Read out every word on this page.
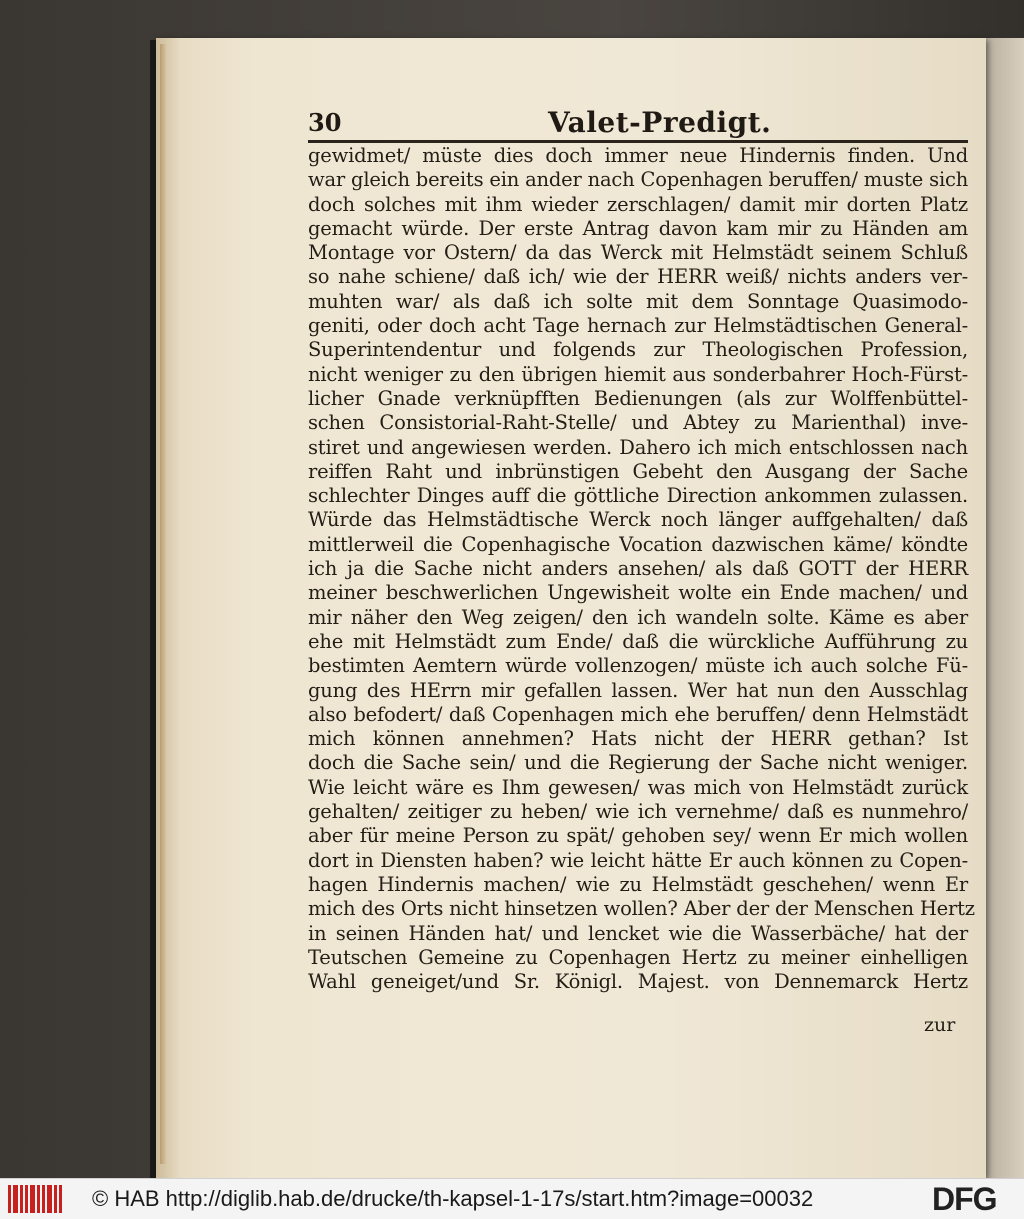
30	Valet-Predigt.
gewidmet/ müste dies doch immer neue Hindernis finden. Und
war gleich bereits ein ander nach Copenhagen beruffen/ muste sich
doch solches mit ihm wieder zerschlagen/ damit mir dorten Platz
gemacht würde. Der erste Antrag davon kam mir zu Händen am
Montage vor Ostern/ da das Werck mit Helmstädt seinem Schluß
so nahe schiene/ daß ich/ wie der HERR weiß/ nichts anders ver-
muhten war/ als daß ich solte mit dem Sonntage Quasimodo-
geniti, oder doch acht Tage hernach zur Helmstädtischen General-
Superintendentur und folgends zur Theologischen Profession,
nicht weniger zu den übrigen hiemit aus sonderbahrer Hoch-Fürst-
licher Gnade verknüpfften Bedienungen (als zur Wolffenbüttel-
schen Consistorial-Raht-Stelle/ und Abtey zu Marienthal) inve-
stiret und angewiesen werden. Dahero ich mich entschlossen nach
reiffen Raht und inbrünstigen Gebeht den Ausgang der Sache
schlechter Dinges auff die göttliche Direction ankommen zulassen.
Würde das Helmstädtische Werck noch länger auffgehalten/ daß
mittlerweil die Copenhagische Vocation dazwischen käme/ köndte
ich ja die Sache nicht anders ansehen/ als daß GOTT der HERR
meiner beschwerlichen Ungewisheit wolte ein Ende machen/ und
mir näher den Weg zeigen/ den ich wandeln solte. Käme es aber
ehe mit Helmstädt zum Ende/ daß die würckliche Aufführung zu
bestimten Aemtern würde vollenzogen/ müste ich auch solche Fü-
gung des HErrn mir gefallen lassen. Wer hat nun den Ausschlag
also befodert/ daß Copenhagen mich ehe beruffen/ denn Helmstädt
mich können annehmen? Hats nicht der HERR gethan? Ist
doch die Sache sein/ und die Regierung der Sache nicht weniger.
Wie leicht wäre es Ihm gewesen/ was mich von Helmstädt zurück
gehalten/ zeitiger zu heben/ wie ich vernehme/ daß es nunmehro/
aber für meine Person zu spät/ gehoben sey/ wenn Er mich wollen
dort in Diensten haben? wie leicht hätte Er auch können zu Copen-
hagen Hindernis machen/ wie zu Helmstädt geschehen/ wenn Er
mich des Orts nicht hinsetzen wollen? Aber der der Menschen Hertz
in seinen Händen hat/ und lencket wie die Wasserbäche/ hat der
Teutschen Gemeine zu Copenhagen Hertz zu meiner einhelligen
Wahl geneiget/und Sr. Königl. Majest. von Dennemarck Hertz
zur
© HAB http://diglib.hab.de/drucke/th-kapsel-1-17s/start.htm?image=00032	DFG
